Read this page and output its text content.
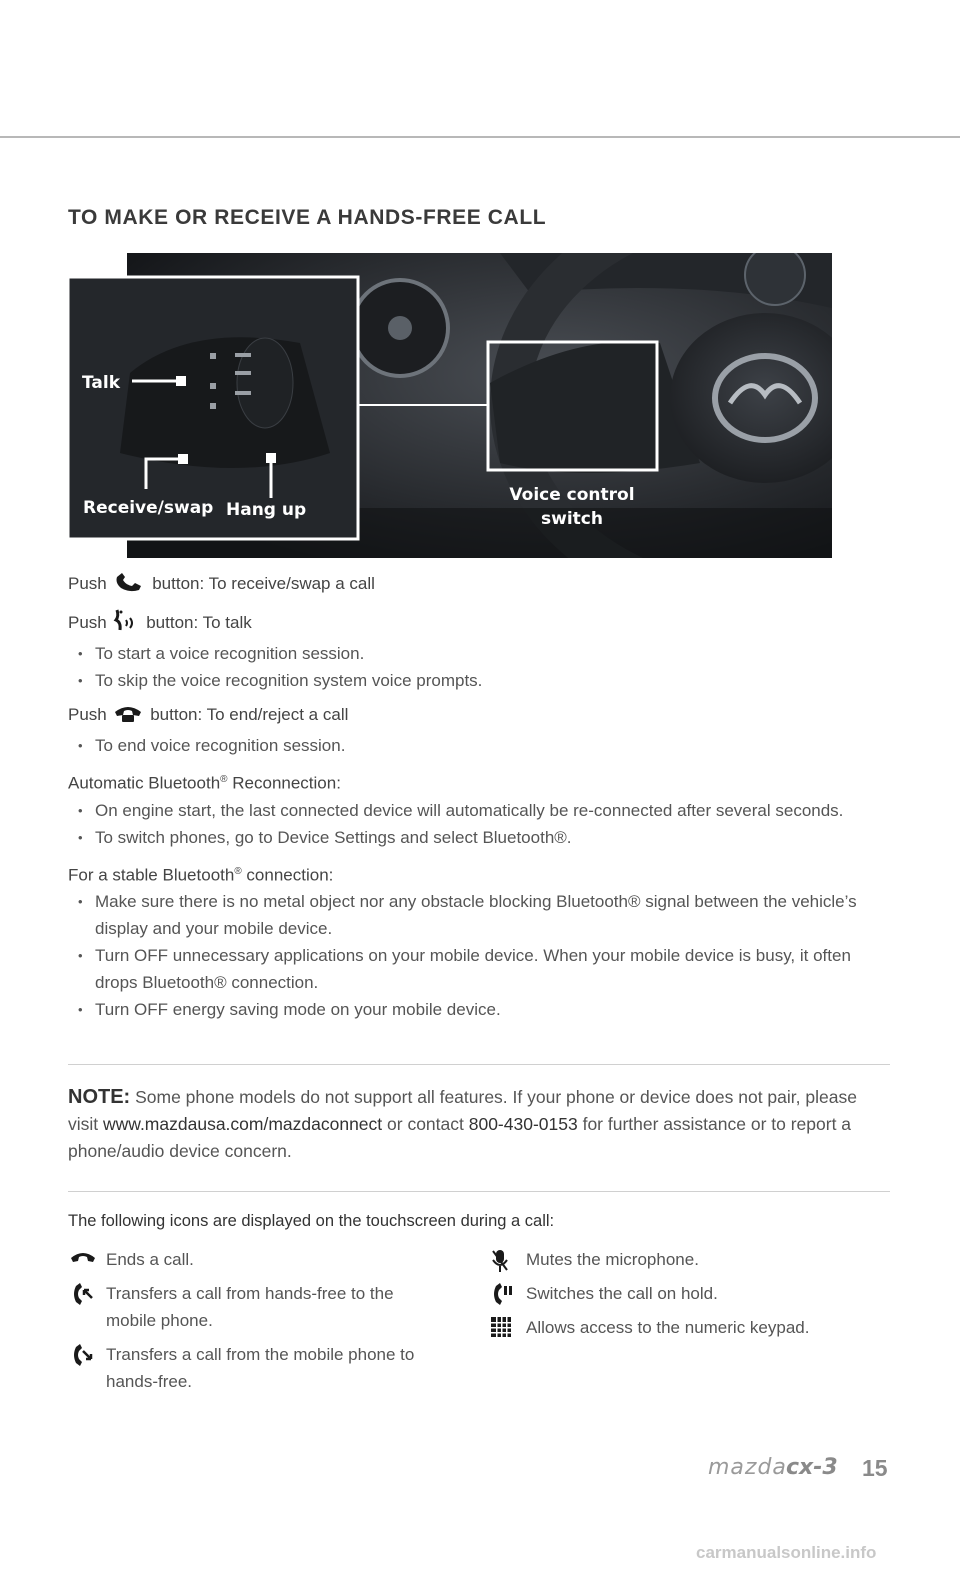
TO MAKE OR RECEIVE A HANDS-FREE CALL
Talk
Receive/swap Hang up
Voice control
switch

Push	button: To receive/swap a call

Push button: To talk

• To start a voice recognition session.
• To skip the voice recognition system voice prompts.

Push	button: To end/reject a call

• To end voice recognition session.

Automatic Bluetooth® Reconnection:

• On engine start, the last connected device will automatically be re-connected after several seconds.
• To switch phones, go to Device Settings and select Bluetooth®.

For a stable Bluetooth® connection:

• Make sure there is no metal object nor any obstacle blocking Bluetooth® signal between the vehicle’s display and your mobile device.
• Turn OFF unnecessary applications on your mobile device. When your mobile device is busy, it often drops Bluetooth® connection.
• Turn OFF energy saving mode on your mobile device.

NOTE: Some phone models do not support all features. If your phone or device does not pair, please visit www.mazdausa.com/mazdaconnect or contact 800-430-0153 for further assistance or to report a phone/audio device concern.

The following icons are displayed on the touchscreen during a call:

Ends a call.
Transfers a call from hands-free to the mobile phone.
Transfers a call from the mobile phone to hands-free.
Mutes the microphone.
Switches the call on hold.
Allows access to the numeric keypad.
mazda cx-3 15
carmanualsonline.info
